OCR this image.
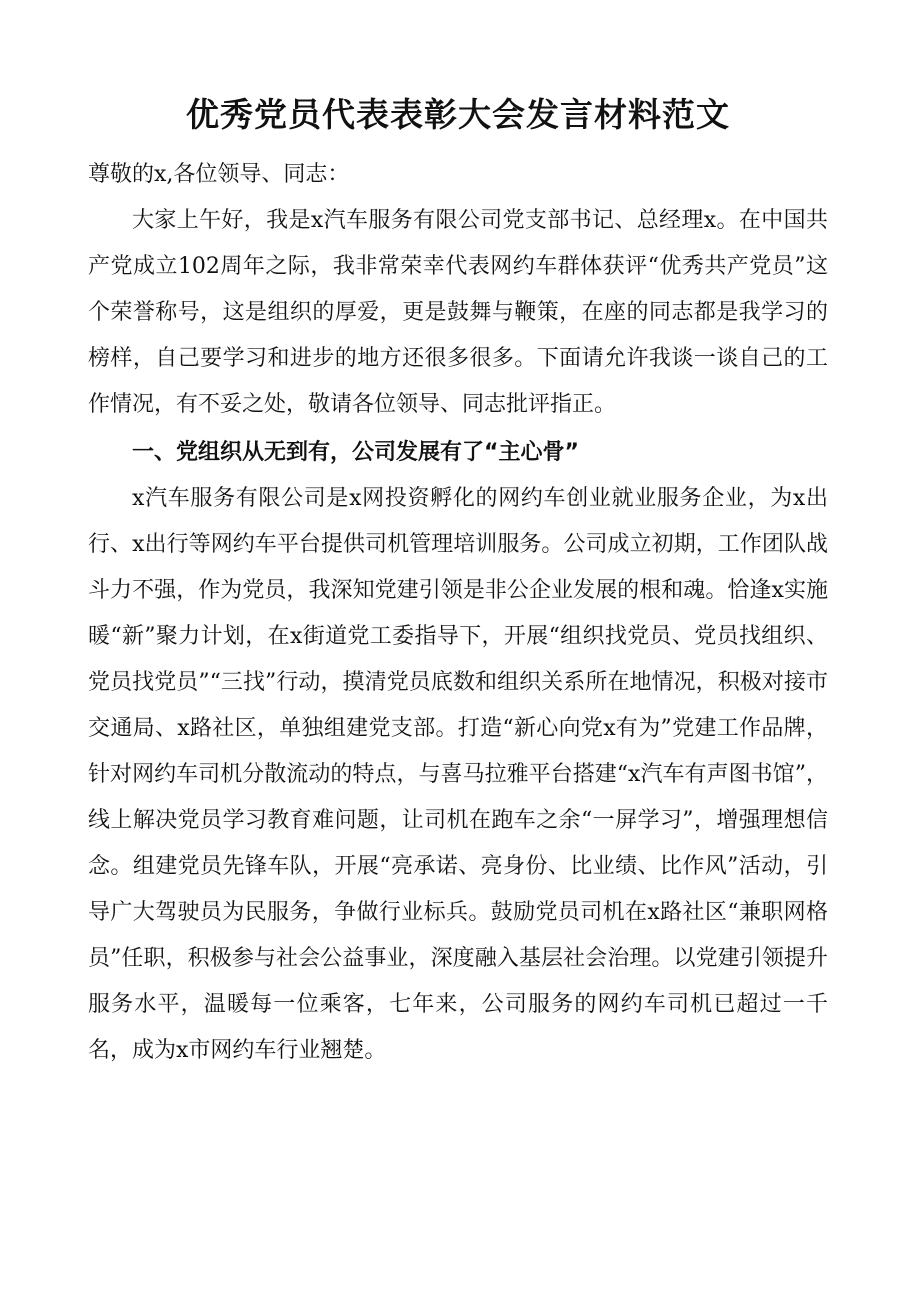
优秀党员代表表彰大会发言材料范文

尊敬的x,各位领导、同志：

大家上午好，我是x汽车服务有限公司党支部书记、总经理x。在中国共产党成立102周年之际，我非常荣幸代表网约车群体获评“优秀共产党员”这个荣誉称号，这是组织的厚爱，更是鼓舞与鞭策，在座的同志都是我学习的榜样，自己要学习和进步的地方还很多很多。下面请允许我谈一谈自己的工作情况，有不妥之处，敬请各位领导、同志批评指正。

一、党组织从无到有，公司发展有了“主心骨”

x汽车服务有限公司是x网投资孵化的网约车创业就业服务企业，为x出行、x出行等网约车平台提供司机管理培训服务。公司成立初期，工作团队战斗力不强，作为党员，我深知党建引领是非公企业发展的根和魂。恰逢x实施暖“新”聚力计划，在x街道党工委指导下，开展“组织找党员、党员找组织、党员找党员”“三找”行动，摸清党员底数和组织关系所在地情况，积极对接市交通局、x路社区，单独组建党支部。打造“新心向党x有为”党建工作品牌，针对网约车司机分散流动的特点，与喜马拉雅平台搭建“x汽车有声图书馆”，线上解决党员学习教育难问题，让司机在跑车之余“一屏学习”，增强理想信念。组建党员先锋车队，开展“亮承诺、亮身份、比业绩、比作风”活动，引导广大驾驶员为民服务，争做行业标兵。鼓励党员司机在x路社区“兼职网格员”任职，积极参与社会公益事业，深度融入基层社会治理。以党建引领提升服务水平，温暖每一位乘客，七年来，公司服务的网约车司机已超过一千名，成为x市网约车行业翘楚。
